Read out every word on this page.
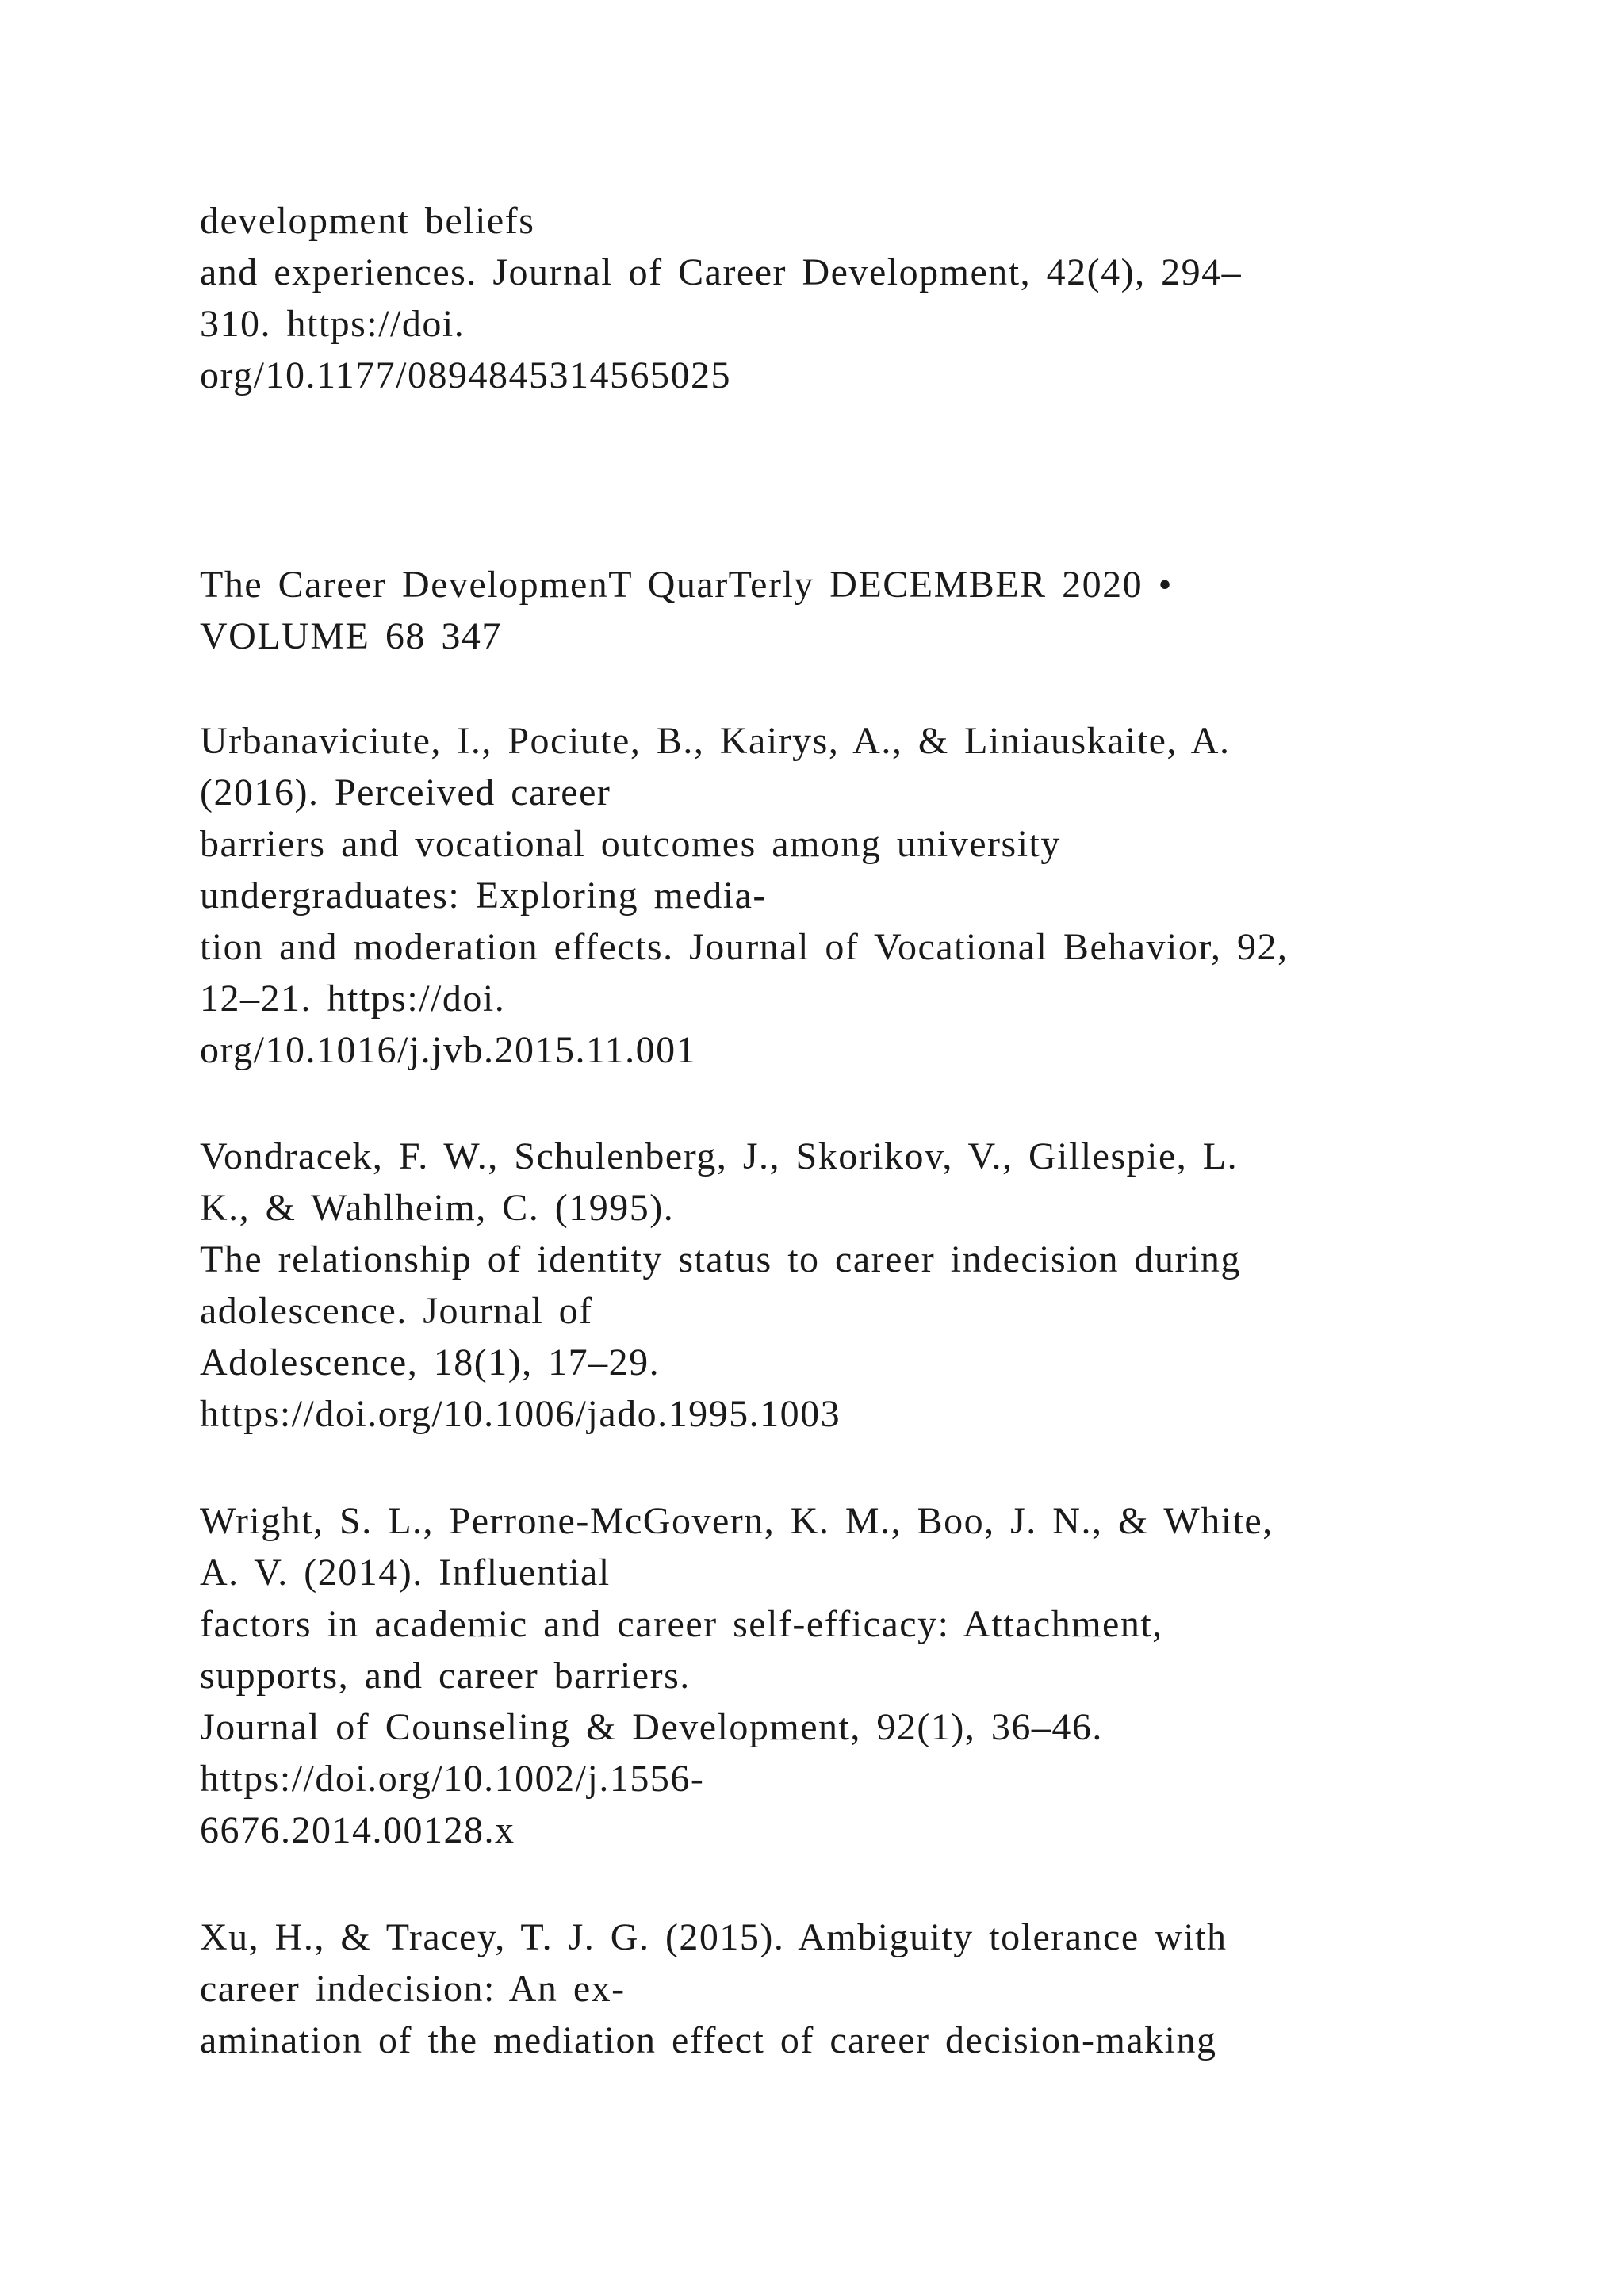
development beliefs
and experiences. Journal of Career Development, 42(4), 294–
310. https://doi.
org/10.1177/0894845314565025
The Career DevelopmenT QuarTerly DECEMBER 2020 •
VOLUME 68 347
Urbanaviciute, I., Pociute, B., Kairys, A., & Liniauskaite, A.
(2016). Perceived career
barriers and vocational outcomes among university
undergraduates: Exploring media-
tion and moderation effects. Journal of Vocational Behavior, 92,
12–21. https://doi.
org/10.1016/j.jvb.2015.11.001
Vondracek, F. W., Schulenberg, J., Skorikov, V., Gillespie, L.
K., & Wahlheim, C. (1995).
The relationship of identity status to career indecision during
adolescence. Journal of
Adolescence, 18(1), 17–29.
https://doi.org/10.1006/jado.1995.1003
Wright, S. L., Perrone-McGovern, K. M., Boo, J. N., & White,
A. V. (2014). Influential
factors in academic and career self-efficacy: Attachment,
supports, and career barriers.
Journal of Counseling & Development, 92(1), 36–46.
https://doi.org/10.1002/j.1556-
6676.2014.00128.x
Xu, H., & Tracey, T. J. G. (2015). Ambiguity tolerance with
career indecision: An ex-
amination of the mediation effect of career decision-making
